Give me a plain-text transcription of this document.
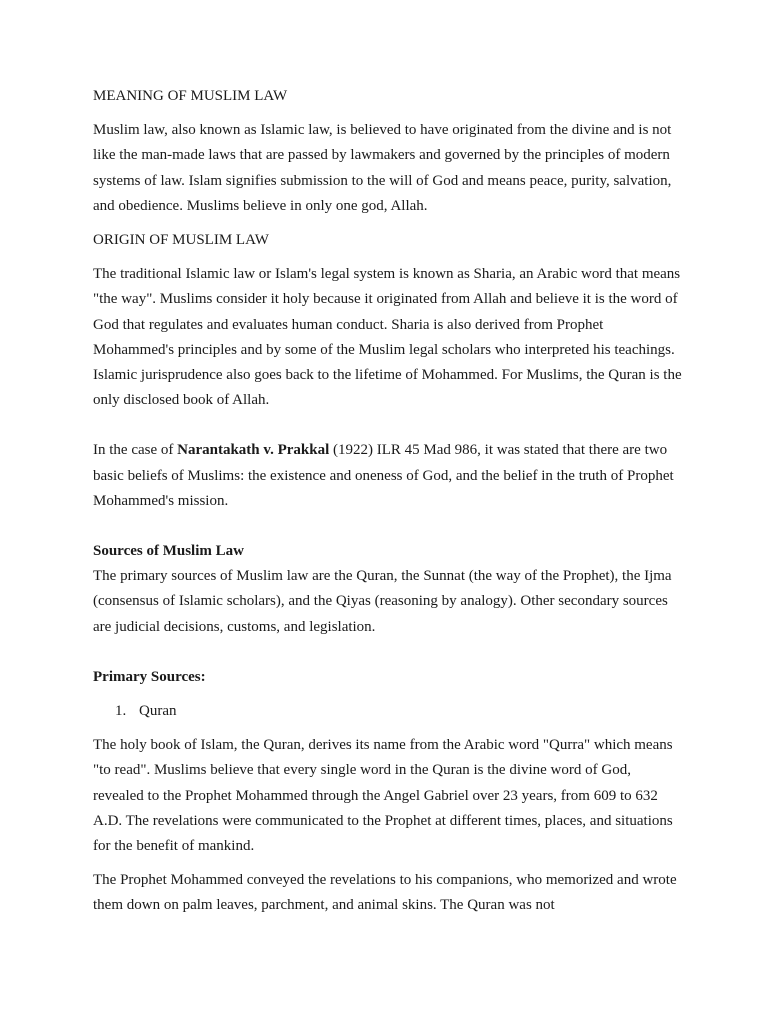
MEANING OF MUSLIM LAW

Muslim law, also known as Islamic law, is believed to have originated from the divine and is not like the man-made laws that are passed by lawmakers and governed by the principles of modern systems of law. Islam signifies submission to the will of God and means peace, purity, salvation, and obedience. Muslims believe in only one god, Allah.

ORIGIN OF MUSLIM LAW

The traditional Islamic law or Islam's legal system is known as Sharia, an Arabic word that means "the way". Muslims consider it holy because it originated from Allah and believe it is the word of God that regulates and evaluates human conduct. Sharia is also derived from Prophet Mohammed's principles and by some of the Muslim legal scholars who interpreted his teachings. Islamic jurisprudence also goes back to the lifetime of Mohammed. For Muslims, the Quran is the only disclosed book of Allah.

In the case of Narantakath v. Prakkal (1922) ILR 45 Mad 986, it was stated that there are two basic beliefs of Muslims: the existence and oneness of God, and the belief in the truth of Prophet Mohammed's mission.

Sources of Muslim Law

The primary sources of Muslim law are the Quran, the Sunnat (the way of the Prophet), the Ijma (consensus of Islamic scholars), and the Qiyas (reasoning by analogy). Other secondary sources are judicial decisions, customs, and legislation.

Primary Sources:

1. Quran

The holy book of Islam, the Quran, derives its name from the Arabic word "Qurra" which means "to read". Muslims believe that every single word in the Quran is the divine word of God, revealed to the Prophet Mohammed through the Angel Gabriel over 23 years, from 609 to 632 A.D. The revelations were communicated to the Prophet at different times, places, and situations for the benefit of mankind.

The Prophet Mohammed conveyed the revelations to his companions, who memorized and wrote them down on palm leaves, parchment, and animal skins. The Quran was not
